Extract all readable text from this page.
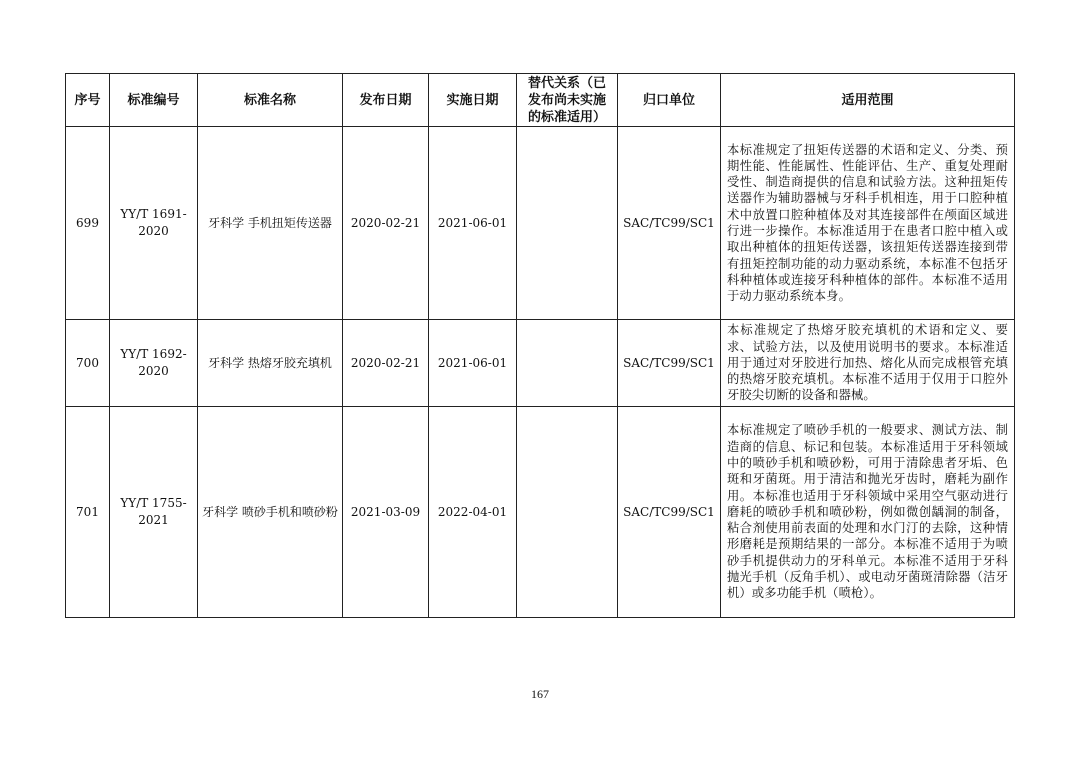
序号	标准编号	标准名称	发布日期	实施日期	替代关系（已发布尚未实施的标准适用）	归口单位	适用范围
699	YY/T 1691-2020	牙科学 手机扭矩传送器	2020-02-21	2021-06-01		SAC/TC99/SC1	本标准规定了扭矩传送器的术语和定义、分类、预期性能、性能属性、性能评估、生产、重复处理耐受性、制造商提供的信息和试验方法。这种扭矩传送器作为辅助器械与牙科手机相连，用于口腔种植术中放置口腔种植体及对其连接部件在颅面区域进行进一步操作。本标准适用于在患者口腔中植入或取出种植体的扭矩传送器，该扭矩传送器连接到带有扭矩控制功能的动力驱动系统，本标准不包括牙科种植体或连接牙科种植体的部件。本标准不适用于动力驱动系统本身。
700	YY/T 1692-2020	牙科学 热熔牙胶充填机	2020-02-21	2021-06-01		SAC/TC99/SC1	本标准规定了热熔牙胶充填机的术语和定义、要求、试验方法，以及使用说明书的要求。本标准适用于通过对牙胶进行加热、熔化从而完成根管充填的热熔牙胶充填机。本标准不适用于仅用于口腔外牙胶尖切断的设备和器械。
701	YY/T 1755-2021	牙科学 喷砂手机和喷砂粉	2021-03-09	2022-04-01		SAC/TC99/SC1	本标准规定了喷砂手机的一般要求、测试方法、制造商的信息、标记和包装。本标准适用于牙科领域中的喷砂手机和喷砂粉，可用于清除患者牙垢、色斑和牙菌斑。用于清洁和抛光牙齿时，磨耗为副作用。本标准也适用于牙科领域中采用空气驱动进行磨耗的喷砂手机和喷砂粉，例如微创龋洞的制备，粘合剂使用前表面的处理和水门汀的去除，这种情形磨耗是预期结果的一部分。本标准不适用于为喷砂手机提供动力的牙科单元。本标准不适用于牙科抛光手机（反角手机）、或电动牙菌斑清除器（洁牙机）或多功能手机（喷枪）。
167
